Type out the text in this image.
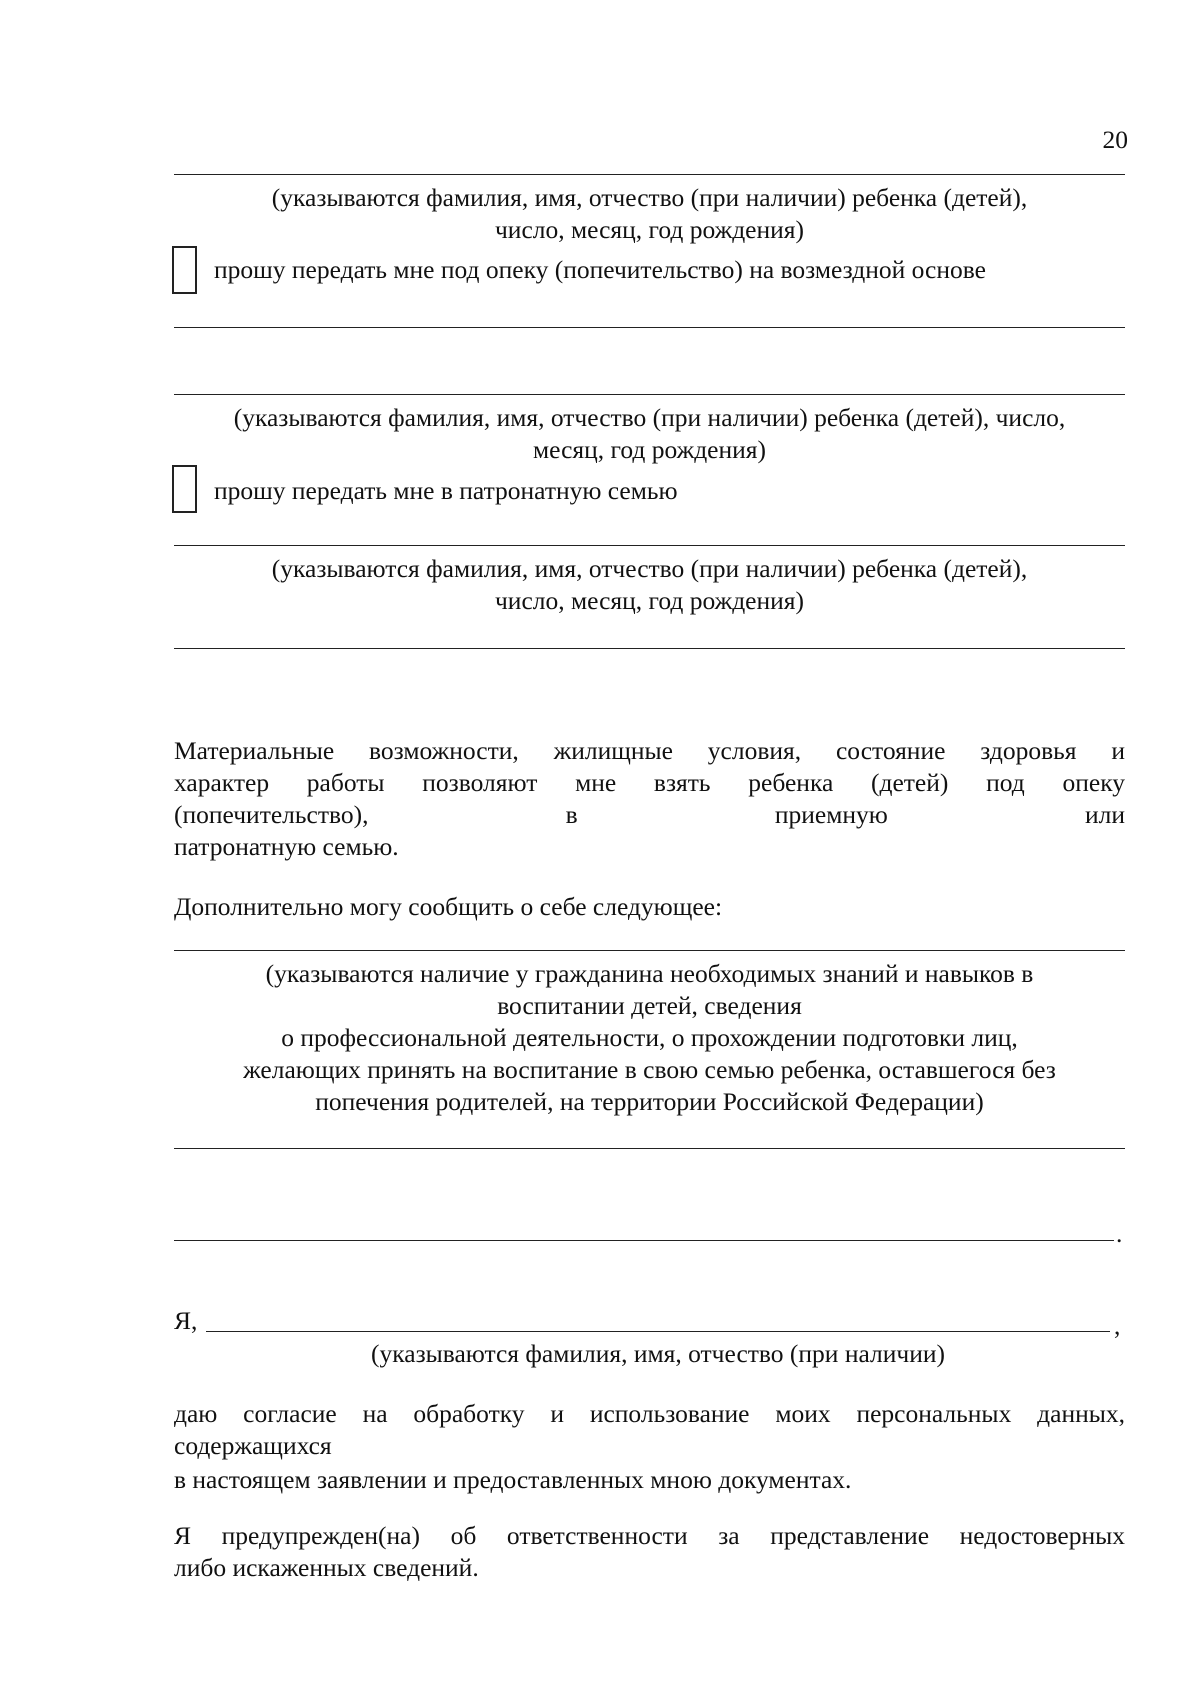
20
(указываются фамилия, имя, отчество (при наличии) ребенка (детей),
число, месяц, год рождения)
прошу передать мне под опеку (попечительство) на возмездной основе
(указываются фамилия, имя, отчество (при наличии) ребенка (детей), число,
месяц, год рождения)
прошу передать мне в патронатную семью
(указываются фамилия, имя, отчество (при наличии) ребенка (детей),
число, месяц, год рождения)
Материальные возможности, жилищные условия, состояние здоровья и
характер работы позволяют мне взять ребенка (детей) под опеку
(попечительство),	в	приемную	или
патронатную семью.
Дополнительно могу сообщить о себе следующее:
(указываются наличие у гражданина необходимых знаний и навыков в
воспитании детей, сведения
о профессиональной деятельности, о прохождении подготовки лиц,
желающих принять на воспитание в свою семью ребенка, оставшегося без
попечения родителей, на территории Российской Федерации)
.
Я,	,
(указываются фамилия, имя, отчество (при наличии)
даю согласие на обработку и использование моих персональных данных,
содержащихся
в настоящем заявлении и предоставленных мною документах.
Я предупрежден(на) об ответственности за представление недостоверных
либо искаженных сведений.
